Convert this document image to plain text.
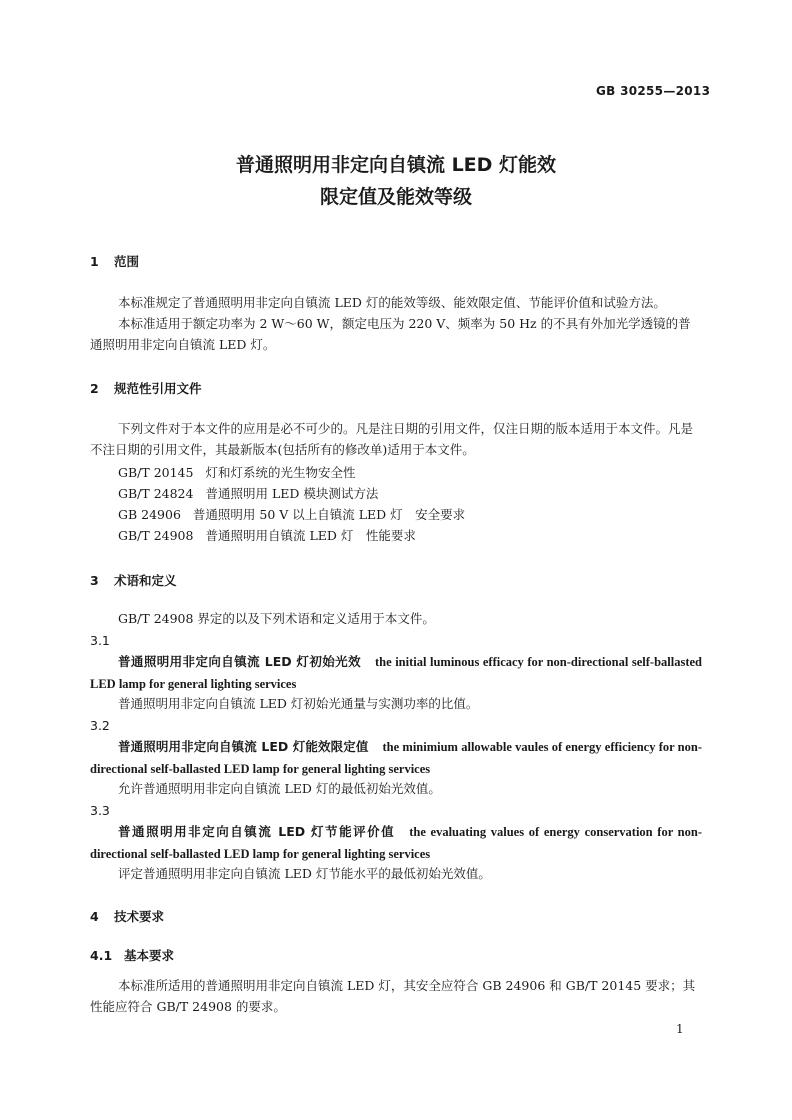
GB 30255—2013
普通照明用非定向自镇流 LED 灯能效
限定值及能效等级
1 范围

本标准规定了普通照明用非定向自镇流 LED 灯的能效等级、能效限定值、节能评价值和试验方法。

本标准适用于额定功率为 2 W～60 W，额定电压为 220 V、频率为 50 Hz 的不具有外加光学透镜的普通照明用非定向自镇流 LED 灯。

2 规范性引用文件

下列文件对于本文件的应用是必不可少的。凡是注日期的引用文件，仅注日期的版本适用于本文件。凡是不注日期的引用文件，其最新版本(包括所有的修改单)适用于本文件。

GB/T 20145 灯和灯系统的光生物安全性
GB/T 24824 普通照明用 LED 模块测试方法
GB 24906 普通照明用 50 V 以上自镇流 LED 灯　安全要求
GB/T 24908 普通照明用自镇流 LED 灯　性能要求
3 术语和定义

GB/T 24908 界定的以及下列术语和定义适用于本文件。

3.1

普通照明用非定向自镇流 LED 灯初始光效 the initial luminous efficacy for non-directional self-ballasted LED lamp for general lighting services

普通照明用非定向自镇流 LED 灯初始光通量与实测功率的比值。

3.2

普通照明用非定向自镇流 LED 灯能效限定值 the minimium allowable vaules of energy efficiency for non-directional self-ballasted LED lamp for general lighting services

允许普通照明用非定向自镇流 LED 灯的最低初始光效值。

3.3

普通照明用非定向自镇流 LED 灯节能评价值 the evaluating values of energy conservation for non-directional self-ballasted LED lamp for general lighting services

评定普通照明用非定向自镇流 LED 灯节能水平的最低初始光效值。

4 技术要求
4.1 基本要求

本标准所适用的普通照明用非定向自镇流 LED 灯，其安全应符合 GB 24906 和 GB/T 20145 要求；其性能应符合 GB/T 24908 的要求。

1
